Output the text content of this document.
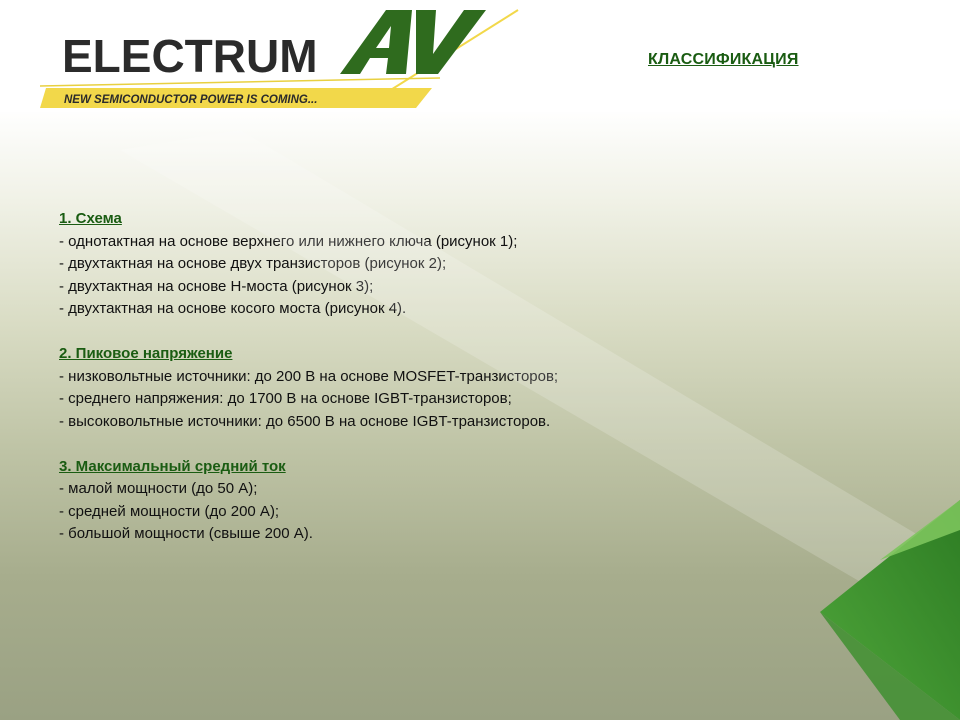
ELECTRUM
NEW SEMICONDUCTOR POWER IS COMING...
КЛАССИФИКАЦИЯ
1. Схема
- однотактная на основе верхнего или нижнего ключа (рисунок 1);
- двухтактная на основе двух транзисторов (рисунок 2);
- двухтактная на основе Н-моста (рисунок 3);
- двухтактная на основе косого моста (рисунок 4).
2. Пиковое напряжение
- низковольтные источники: до 200 В на основе MOSFET-транзисторов;
- среднего напряжения: до 1700 В на основе IGBT-транзисторов;
- высоковольтные источники: до 6500 В на основе IGBT-транзисторов.
3. Максимальный средний ток
- малой мощности (до 50 А);
- средней мощности (до 200 А);
- большой мощности (свыше 200 А).
